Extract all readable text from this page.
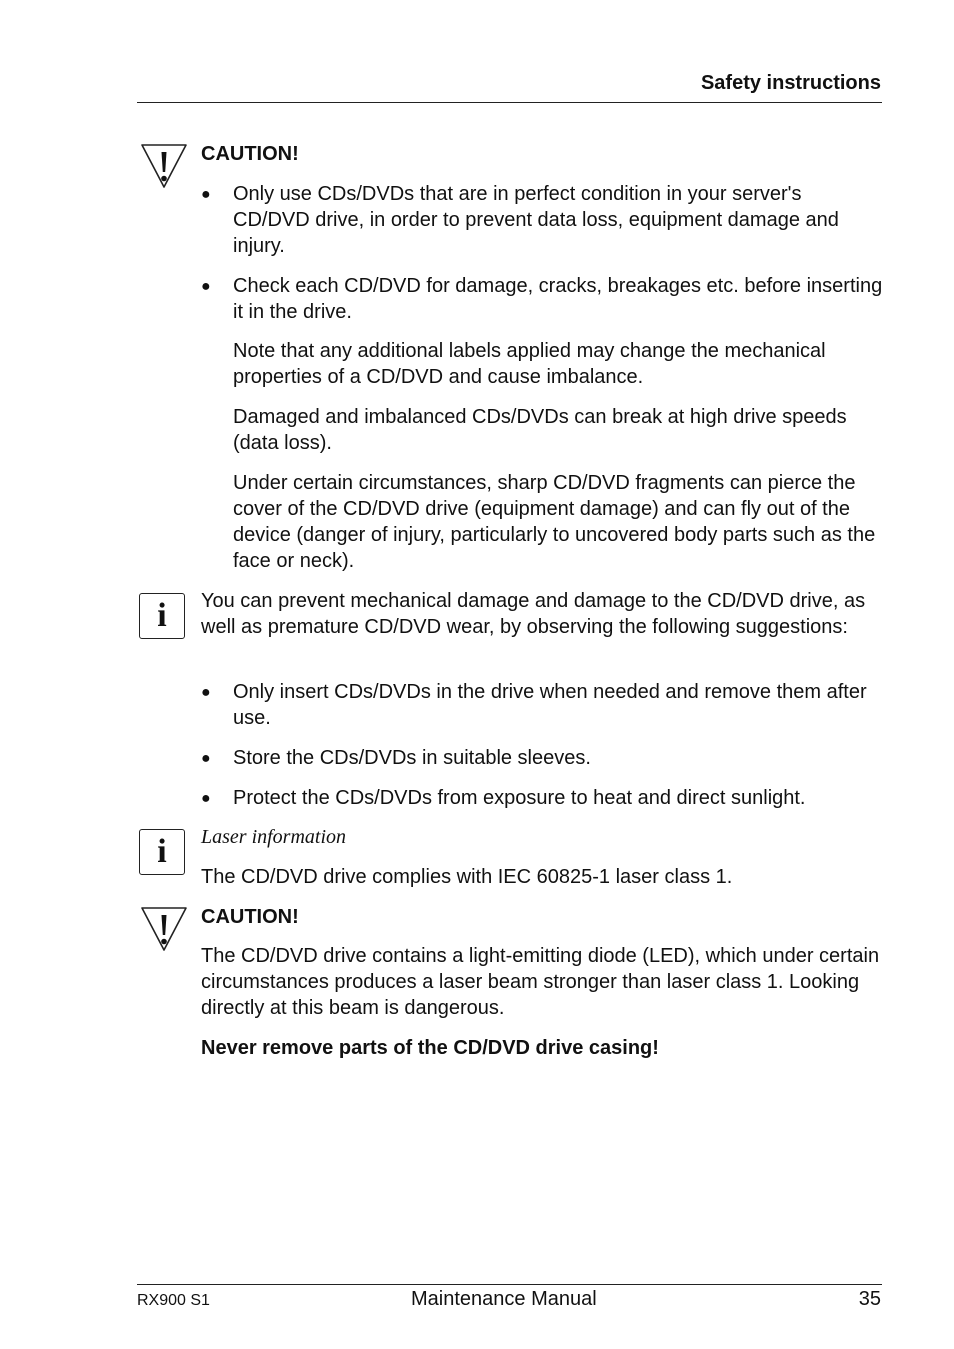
Safety instructions
CAUTION!
●	Only use CDs/DVDs that are in perfect condition in your server's CD/DVD drive, in order to prevent data loss, equipment damage and injury.
●	Check each CD/DVD for damage, cracks, breakages etc. before inserting it in the drive.
Note that any additional labels applied may change the mechanical properties of a CD/DVD and cause imbalance.
Damaged and imbalanced CDs/DVDs can break at high drive speeds (data loss).
Under certain circumstances, sharp CD/DVD fragments can pierce the cover of the CD/DVD drive (equipment damage) and can fly out of the device (danger of injury, particularly to uncovered body parts such as the face or neck).
i	You can prevent mechanical damage and damage to the CD/DVD drive, as well as premature CD/DVD wear, by observing the following suggestions:
●	Only insert CDs/DVDs in the drive when needed and remove them after use.
●	Store the CDs/DVDs in suitable sleeves.
●	Protect the CDs/DVDs from exposure to heat and direct sunlight.
i	Laser information
The CD/DVD drive complies with IEC 60825-1 laser class 1.
CAUTION!
The CD/DVD drive contains a light-emitting diode (LED), which under certain circumstances produces a laser beam stronger than laser class 1. Looking directly at this beam is dangerous.
Never remove parts of the CD/DVD drive casing!
RX900 S1	Maintenance Manual	35
